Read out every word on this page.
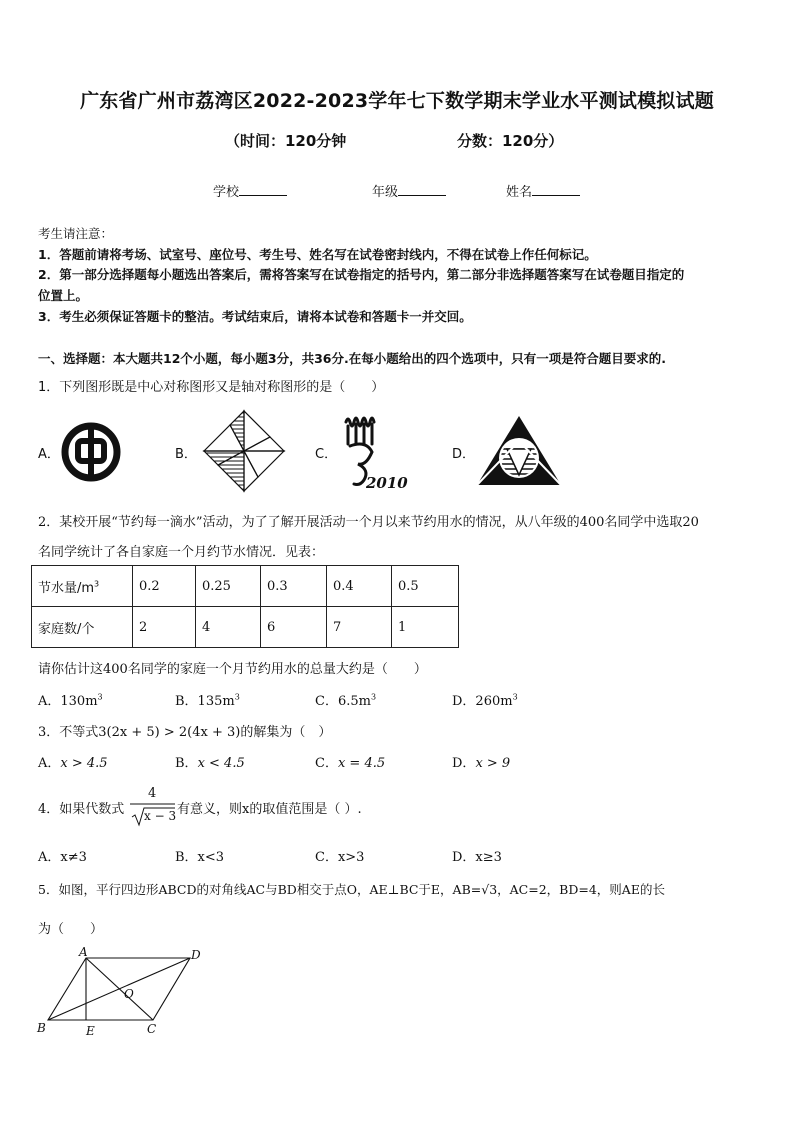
广东省广州市荔湾区2022-2023学年七下数学期末学业水平测试模拟试题
（时间：120分钟	分数：120分）
学校	年级	姓名
考生请注意：
1．答题前请将考场、试室号、座位号、考生号、姓名写在试卷密封线内，不得在试卷上作任何标记。
2．第一部分选择题每小题选出答案后，需将答案写在试卷指定的括号内，第二部分非选择题答案写在试卷题目指定的
位置上。
3．考生必须保证答题卡的整洁。考试结束后，请将本试卷和答题卡一并交回。
一、选择题：本大题共12个小题，每小题3分，共36分.在每小题给出的四个选项中，只有一项是符合题目要求的.
1．下列图形既是中心对称图形又是轴对称图形的是（　　）
A．	B．	C．	D．
2010
2．某校开展“节约每一滴水”活动，为了了解开展活动一个月以来节约用水的情况，从八年级的400名同学中选取20
名同学统计了各自家庭一个月约节水情况．见表：
节水量$/m^3$	0.2	0.25	0.3	0.4	0.5
家庭数/个	2	4	6	7	1
请你估计这400名同学的家庭一个月节约用水的总量大约是（　　）
A．$130m^3$	B．$135m^3$	C．$6.5m^3$	D．$260m^3$
3．不等式3(2x + 5) > 2(4x + 3)的解集为（　）
A．x > 4.5	B．x < 4.5	C．x = 4.5	D．x > 9
4．如果代数式
4
x − 3 有意义，则x的取值范围是（ ）.
A．x≠3	B．x<3	C．x>3	D．x≥3
5．如图，平行四边形ABCD的对角线AC与BD相交于点O，AE⊥BC于E，AB=√3，AC=2，BD=4，则AE的长
为（　　）
A	D
O
B	E	C
